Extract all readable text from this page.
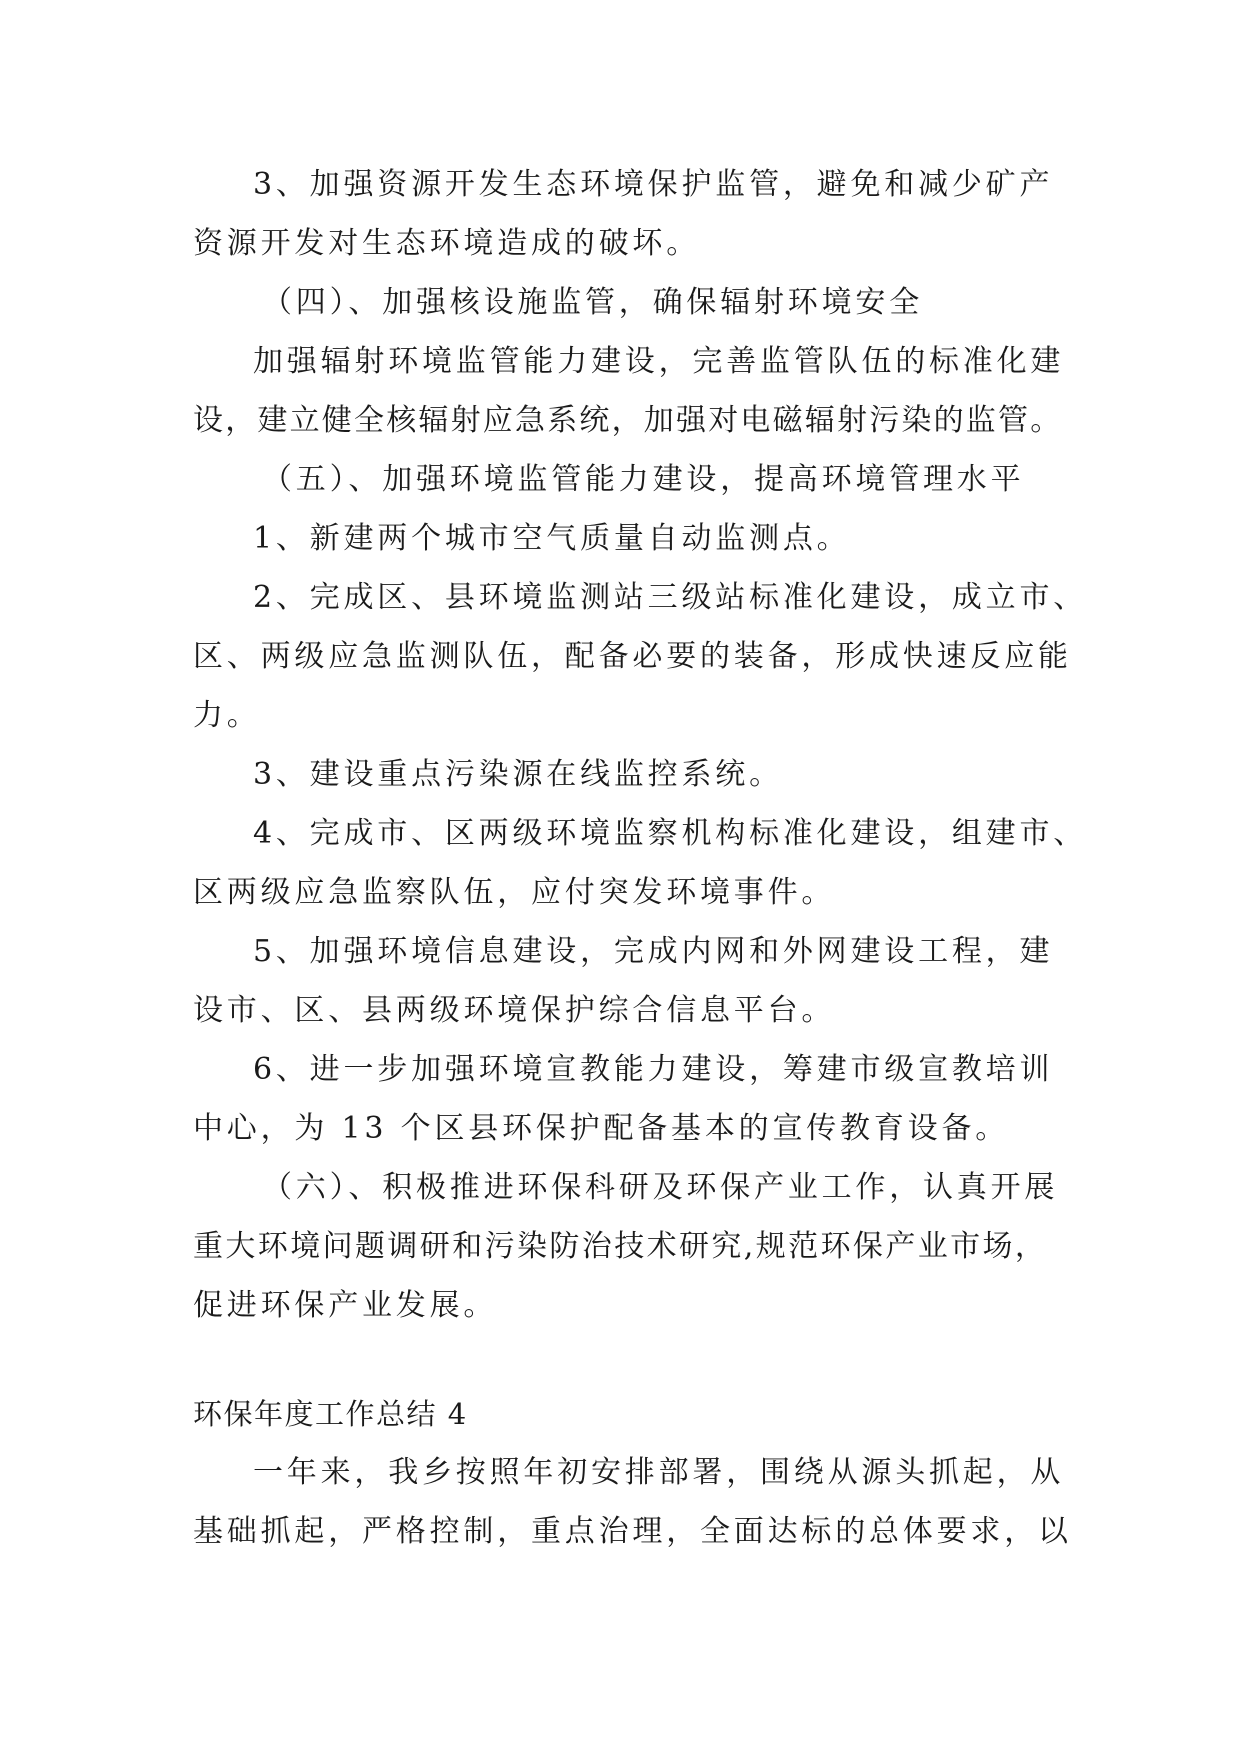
3、加强资源开发生态环境保护监管，避免和减少矿产
资源开发对生态环境造成的破坏。
（四）、加强核设施监管，确保辐射环境安全
加强辐射环境监管能力建设，完善监管队伍的标准化建
设，建立健全核辐射应急系统，加强对电磁辐射污染的监管。
（五）、加强环境监管能力建设，提高环境管理水平
1、新建两个城市空气质量自动监测点。
2、完成区、县环境监测站三级站标准化建设，成立市、
区、两级应急监测队伍，配备必要的装备，形成快速反应能
力。
3、建设重点污染源在线监控系统。
4、完成市、区两级环境监察机构标准化建设，组建市、
区两级应急监察队伍，应付突发环境事件。
5、加强环境信息建设，完成内网和外网建设工程，建
设市、区、县两级环境保护综合信息平台。
6、进一步加强环境宣教能力建设，筹建市级宣教培训
中心，为 13 个区县环保护配备基本的宣传教育设备。
（六）、积极推进环保科研及环保产业工作，认真开展
重大环境问题调研和污染防治技术研究,规范环保产业市场，
促进环保产业发展。
环保年度工作总结 4
一年来，我乡按照年初安排部署，围绕从源头抓起，从
基础抓起，严格控制，重点治理，全面达标的总体要求，以
